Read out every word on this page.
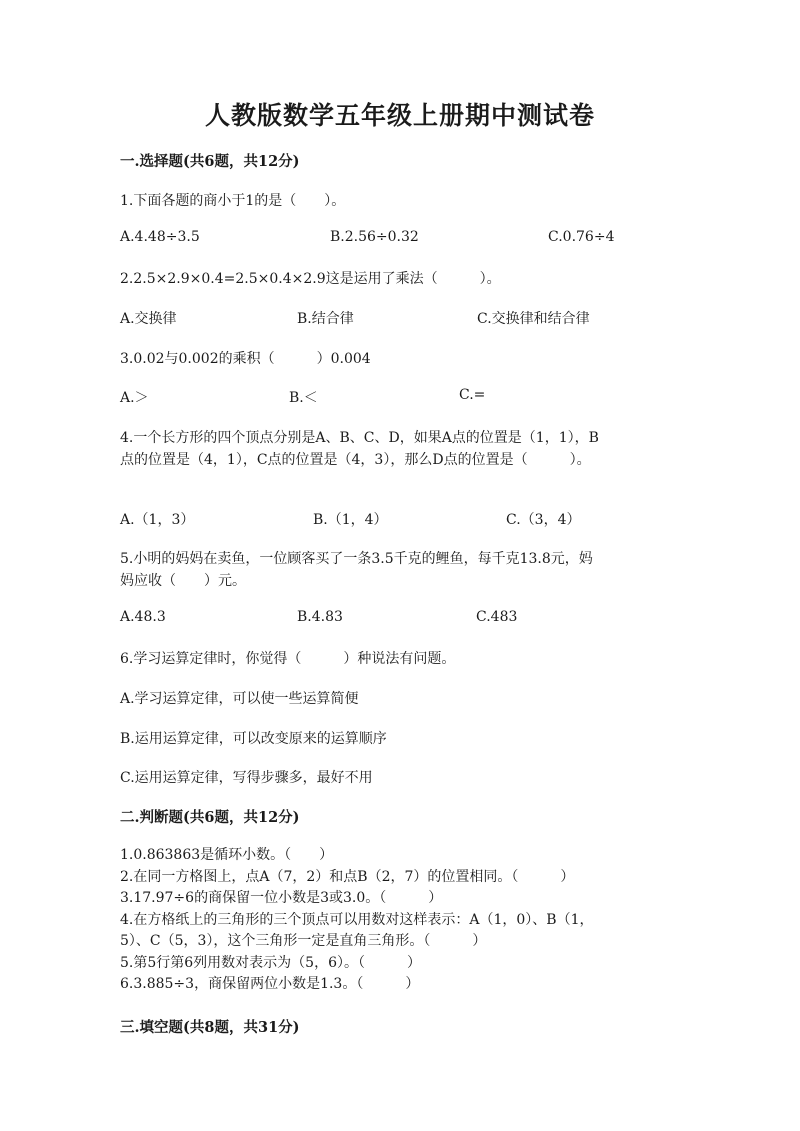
人教版数学五年级上册期中测试卷
一.选择题(共6题，共12分)
1.下面各题的商小于1的是（　　）。
A.4.48÷3.5	B.2.56÷0.32	C.0.76÷4
2.2.5×2.9×0.4=2.5×0.4×2.9这是运用了乘法（　　　）。
A.交换律	B.结合律	C.交换律和结合律
3.0.02与0.002的乘积（　　　）0.004
A.＞	B.＜	C.=
4.一个长方形的四个顶点分别是A、B、C、D，如果A点的位置是（1，1），B
点的位置是（4，1），C点的位置是（4，3），那么D点的位置是（　　　）。
A.（1，3）	B.（1，4）	C.（3，4）
5.小明的妈妈在卖鱼，一位顾客买了一条3.5千克的鲤鱼，每千克13.8元，妈
妈应收（　　）元。
A.48.3	B.4.83	C.483
6.学习运算定律时，你觉得（　　　）种说法有问题。
A.学习运算定律，可以使一些运算简便
B.运用运算定律，可以改变原来的运算顺序
C.运用运算定律，写得步骤多，最好不用
二.判断题(共6题，共12分)
1.0.863863是循环小数。（　　）
2.在同一方格图上，点A（7，2）和点B（2，7）的位置相同。（　　　）
3.17.97÷6的商保留一位小数是3或3.0。（　　　）
4.在方格纸上的三角形的三个顶点可以用数对这样表示：A（1，0）、B（1，
5）、C（5，3），这个三角形一定是直角三角形。（　　　）
5.第5行第6列用数对表示为（5，6）。（　　　）
6.3.885÷3，商保留两位小数是1.3。（　　　）
三.填空题(共8题，共31分)
